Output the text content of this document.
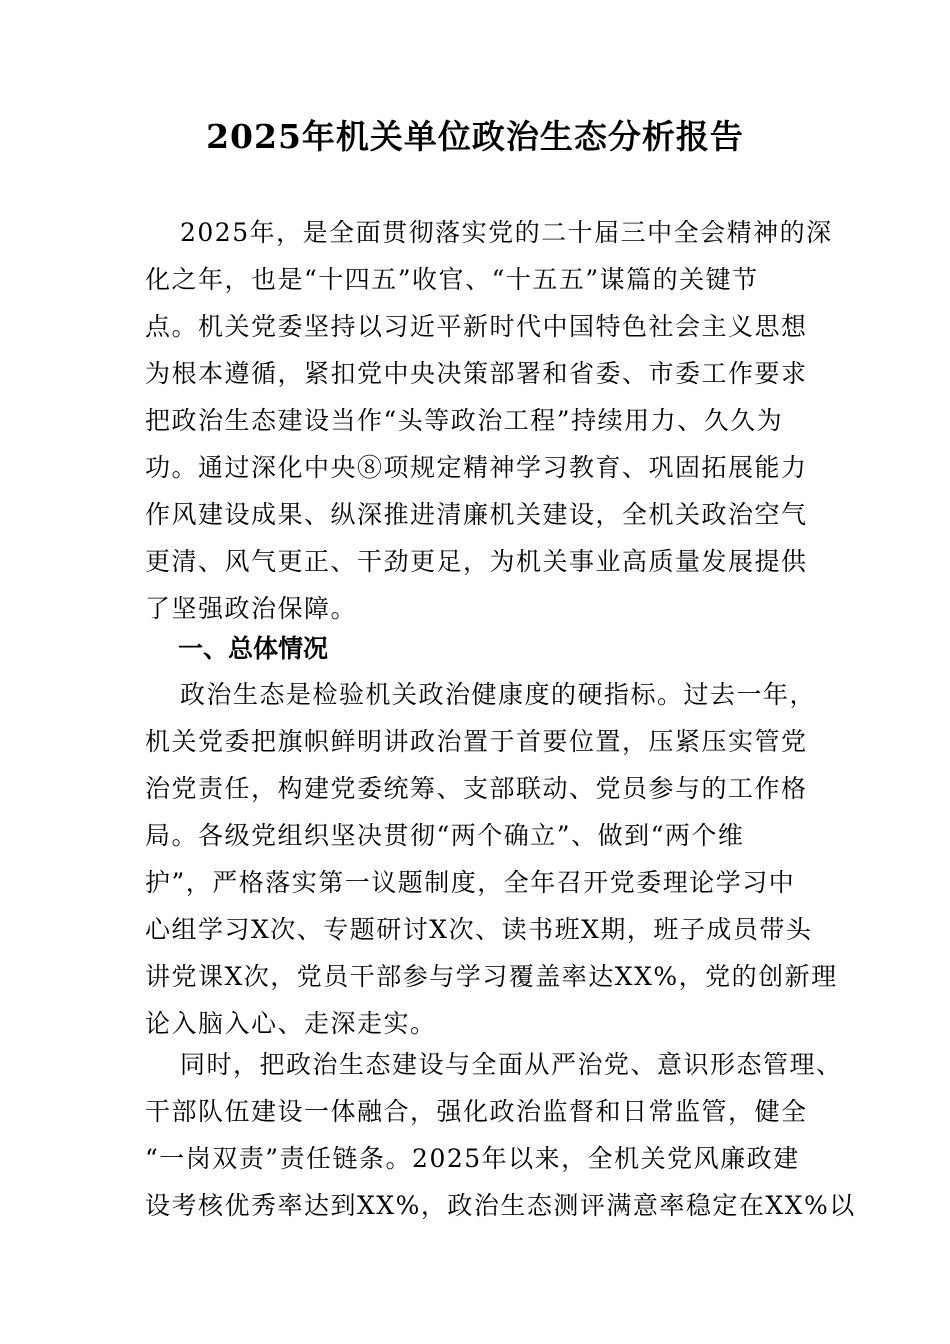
2025年机关单位政治生态分析报告
2025年，是全面贯彻落实党的二十届三中全会精神的深
化之年，也是“十四五”收官、“十五五”谋篇的关键节
点。机关党委坚持以习近平新时代中国特色社会主义思想
为根本遵循，紧扣党中央决策部署和省委、市委工作要求
把政治生态建设当作“头等政治工程”持续用力、久久为
功。通过深化中央⑧项规定精神学习教育、巩固拓展能力
作风建设成果、纵深推进清廉机关建设，全机关政治空气
更清、风气更正、干劲更足，为机关事业高质量发展提供
了坚强政治保障。
一、总体情况
政治生态是检验机关政治健康度的硬指标。过去一年，
机关党委把旗帜鲜明讲政治置于首要位置，压紧压实管党
治党责任，构建党委统筹、支部联动、党员参与的工作格
局。各级党组织坚决贯彻“两个确立”、做到“两个维
护”，严格落实第一议题制度，全年召开党委理论学习中
心组学习X次、专题研讨X次、读书班X期，班子成员带头
讲党课X次，党员干部参与学习覆盖率达XX%，党的创新理
论入脑入心、走深走实。
同时，把政治生态建设与全面从严治党、意识形态管理、
干部队伍建设一体融合，强化政治监督和日常监管，健全
“一岗双责”责任链条。2025年以来，全机关党风廉政建
设考核优秀率达到XX%，政治生态测评满意率稳定在XX%以
